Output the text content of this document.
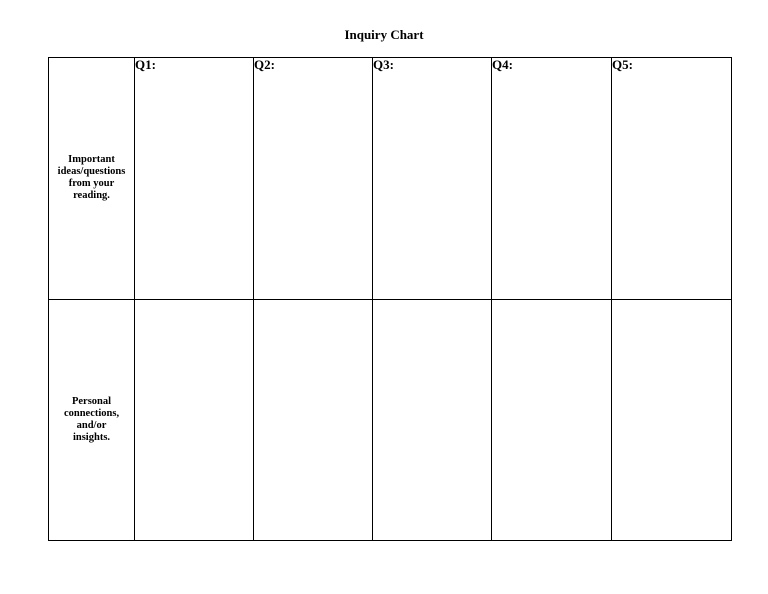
Inquiry Chart
Important
ideas/questions
from your
reading.	Q1:	Q2:	Q3:	Q4:	Q5:
Personal
connections,
and/or
insights.					
